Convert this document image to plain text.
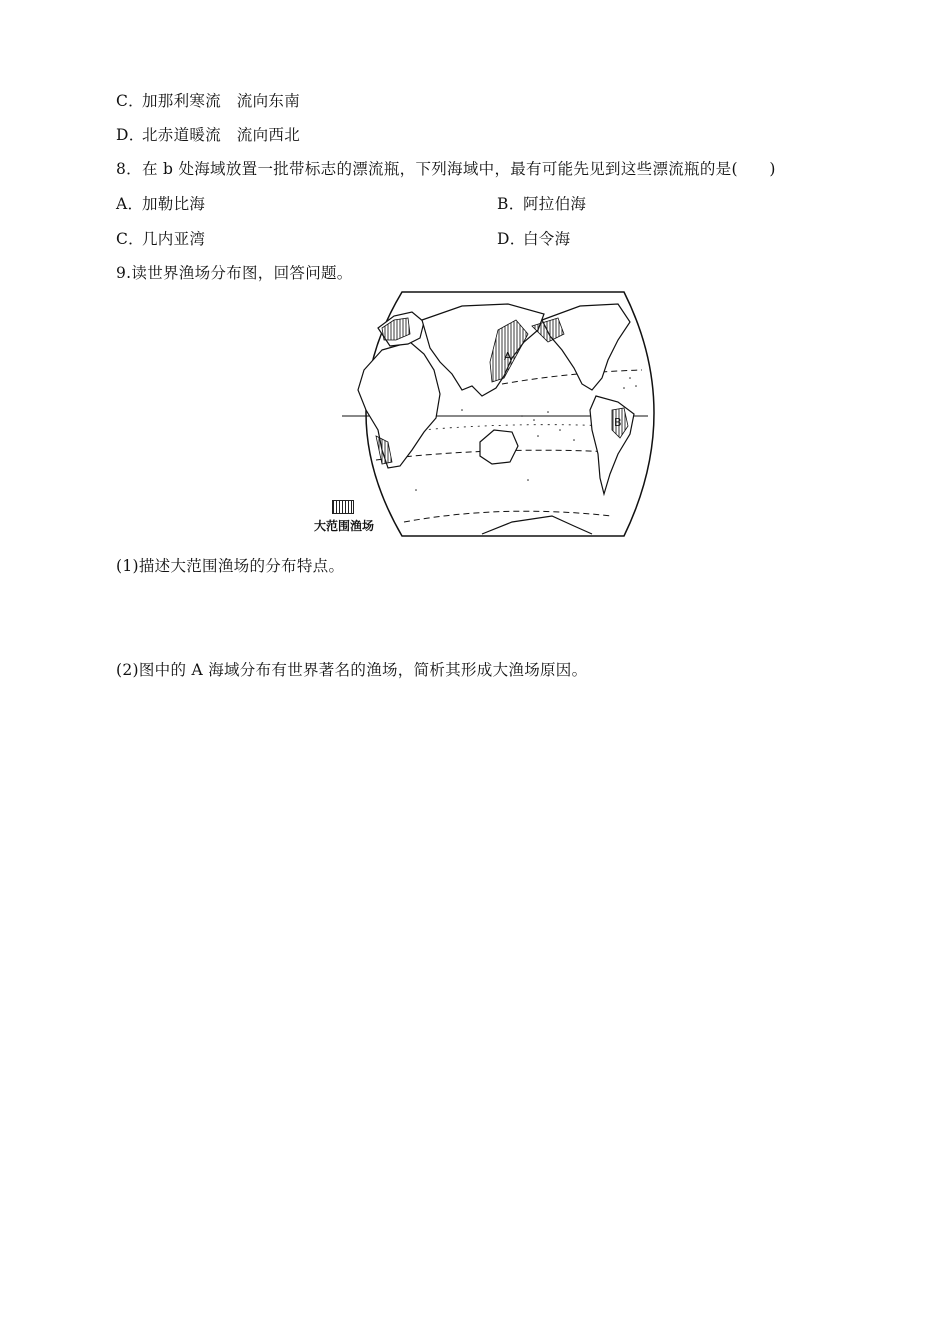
C．加那利寒流　流向东南
D．北赤道暖流　流向西北
8．在 b 处海域放置一批带标志的漂流瓶，下列海域中，最有可能先见到这些漂流瓶的是(　　)
A．加勒比海	B．阿拉伯海
C．几内亚湾	D．白令海
9.读世界渔场分布图，回答问题。
A
B
大范围渔场
(1)描述大范围渔场的分布特点。
(2)图中的 A 海域分布有世界著名的渔场，简析其形成大渔场原因。
